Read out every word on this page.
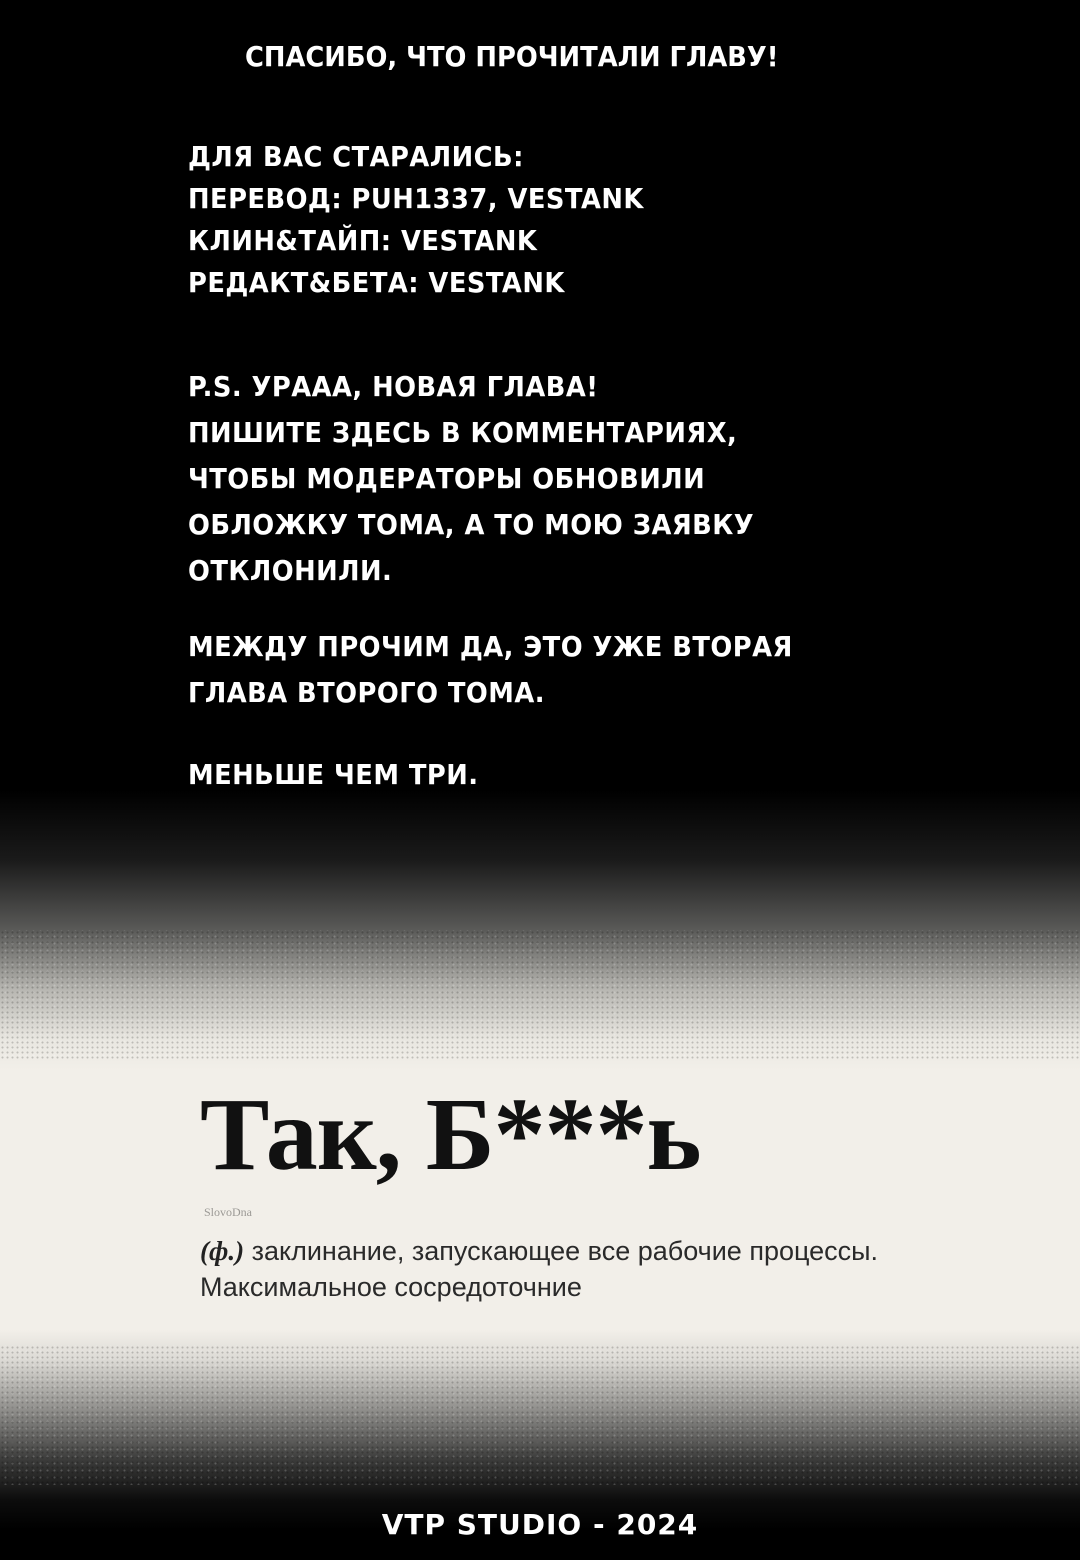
СПАСИБО, ЧТО ПРОЧИТАЛИ ГЛАВУ!
ДЛЯ ВАС СТАРАЛИСЬ:
ПЕРЕВОД: PUH1337, VESTANK
КЛИН&ТАЙП: VESTANK
РЕДАКТ&БЕТА: VESTANK
P.S. УРААА, НОВАЯ ГЛАВА!
ПИШИТЕ ЗДЕСЬ В КОММЕНТАРИЯХ,
ЧТОБЫ МОДЕРАТОРЫ ОБНОВИЛИ
ОБЛОЖКУ ТОМА, А ТО МОЮ ЗАЯВКУ
ОТКЛОНИЛИ.
МЕЖДУ ПРОЧИМ ДА, ЭТО УЖЕ ВТОРАЯ
ГЛАВА ВТОРОГО ТОМА.
МЕНЬШЕ ЧЕМ ТРИ.
Так, Б***ь
SlovoDna
(ф.) заклинание, запускающее все рабочие процессы. Максимальное сосредоточние
VTP STUDIO - 2024
